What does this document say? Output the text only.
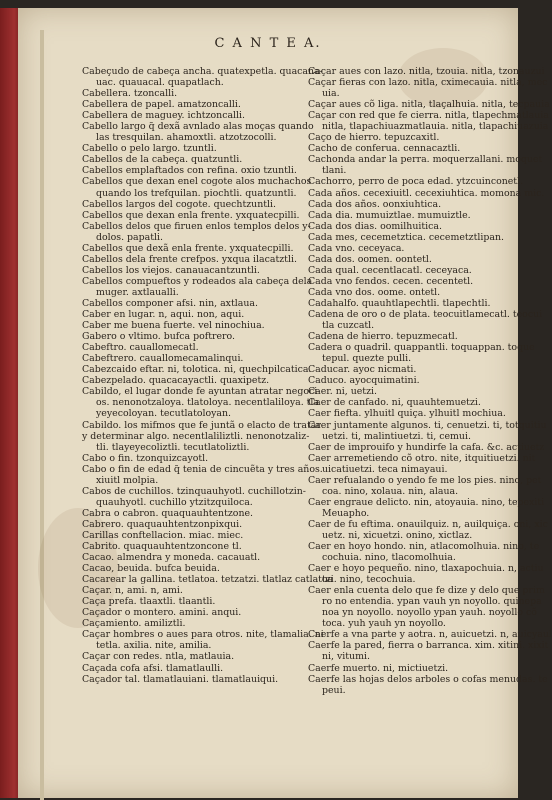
C A N T E A.
Cabeçudo de cabeça ancha. quatexpetla. quacana-
uac. quauacal. quapatlach.
Cabellera. tzoncalli.
Cabellera de papel. amatzoncalli.
Cabellera de maguey. ichtzoncalli.
Cabello largo q̃ dexã avnlado alas moças quando
las tresquilan. ahamoxtli. atzotzocolli.
Cabello o pelo largo. tzuntli.
Cabellos de la cabeça. quatzuntli.
Cabellos emplaftados con refina. oxio tzuntli.
Cabellos que dexan enel cogote alos muchachos
quando los trefquilan. piochtli. quatzuntli.
Cabellos largos del cogote. quechtzuntli.
Cabellos que dexan enla frente. yxquatecpilli.
Cabellos delos que firuen enlos templos delos y-
dolos. papatli.
Cabellos que dexã enla frente. yxquatecpilli.
Cabellos dela frente crefpos. yxqua ilacatztli.
Cabellos los viejos. canauacantzuntli.
Cabellos compueftos y rodeados ala cabeça dela
muger. axtlaualli.
Cabellos componer afsi. nin, axtlaua.
Caber en lugar. n, aqui. non, aqui.
Caber me buena fuerte. vel ninochiua.
Gabero o vltimo. bufca poftrero.
Cabeftro. cauallomecatl.
Cabeftrero. cauallomecamalinqui.
Cabezcaido eftar. ni, tolotica. ni, quechpilcatica.
Cabezpelado. quacacayactli. quaxipetz.
Cabildo, el lugar donde fe ayuntan atratar negoci-
os. nenonotzaloya. tlatoloya. necentlaliloya. tla
yeyecoloyan. tecutlatoloyan.
Cabildo. los mifmos que fe juntã o elacto de tratar
y determinar algo. necentlaliliztli. nenonotzaliz-
tli. tlayeyecoliztli. tecutlatoliztli.
Cabo o fin. tzonquizcayotl.
Cabo o fin de edad q̃ tenia de cincuẽta y tres años.
xiuitl molpia.
Cabos de cuchillos. tzinquauhyotl. cuchillotzin-
quauhyotl. cuchillo ytzitzquiloca.
Cabra o cabron. quaquauhtentzone.
Cabrero. quaquauhtentzonpixqui.
Carillas conftellacion. miac. miec.
Cabrito. quaquauhtentzoncone tl.
Cacao. almendra y moneda. cacauatl.
Cacao, beuida. bufca beuida.
Cacarear la gallina. tetlatoa. tetzatzi. tlatlaz catlatoa
Caçar. n, ami. n, ami.
Caça prefa. tlaaxtli. tlaantli.
Caçador o montero. amini. anqui.
Caçamiento. amiliztli.
Caçar hombres o aues para otros. nite, tlamalia. ni
tetla. axilia. nite, amilia.
Caçar con redes. ntla, matlauia.
Caçada cofa afsi. tlamatlaulli.
Caçador tal. tlamatlauiani. tlamatlauiqui.
Caçar aues con lazo. nitla, tzouia. nitla, tzonauzui
Caçar fieras con lazo. nitla, cximecauia. nitla, mec
uia.
Caçar aues cõ liga. nitla, tlaçalhuia. nitla, tecpauia
Caçar con red que fe cierra. nitla, tlapechmatlauia
nitla, tlapachiuazmatlauia. nitla, tlapachiuazuia
Caço de hierro. tepuzcaxitl.
Cacho de conferua. cennacaztli.
Cachonda andar la perra. moquerzallani. moquet
tlani.
Cachorro, perro de poca edad. ytzcuinconetl.
Cada años. cecexiuitl. cecexiuhtica. momona mic.
Cada dos años. oonxiuhtica.
Cada dia. mumuiztlae. mumuiztle.
Cada dos dias. oomilhuitica.
Cada mes, cecemetztica. cecemetztlipan.
Cada vno. ceceyaca.
Cada dos. oomen. oontetl.
Cada qual. cecentlacatl. ceceyaca.
Cada vno fendos. cecen. cecentetl.
Cada vno dos. oome. ontetl.
Cadahalfo. quauhtlapechtli. tlapechtli.
Cadena de oro o de plata. teocuitlamecatl. teocui
tla cuzcatl.
Cadena de hierro. tepuzmecatl.
Cadera o quadril. quappantli. toquappan. toque
tepul. quezte pulli.
Caducar. ayoc nicmati.
Caduco. ayocquimatini.
Caer. ni, uetzi.
Caer de canfado. ni, quauhtemuetzi.
Caer fiefta. ylhuitl quiça. ylhuitl mochiua.
Caer juntamente algunos. ti, cenuetzi. ti, totquitiu
uetzi. ti, malintiuetzi. ti, cemui.
Caer de improuifo y hundirfe la cafa. &c. actiuetz
Caer arremetiendo cõ otro. nite, itquitiuetzi. nit
uicatiuetzi. teca nimayaui.
Caer refualando o yendo fe me los pies. nino, pet
coa. nino, xolaua. nin, alaua.
Caer engraue delicto. nin, atoyauia. nino, tepexiti
Meuapho.
Caer de fu eftima. onauilquiz. n, auilquiça. oni, xic
uetz. ni, xicuetzi. onino, xictlaz.
Caer en hoyo hondo. nin, atlacomolhuia. nino, te
cochuia. nino, tlacomolhuia.
Caer e hoyo pequeño. nino, tlaxapochuia. n, actiu
tzi. nino, tecochuia.
Caer enla cuenta delo que fe dize y delo que prim
ro no entendia. ypan vauh yn noyollo. quinepa
noa yn noyollo. noyollo ypan yauh. noyollo cõ
toca. yuh yauh yn noyollo.
Caerfe a vna parte y aotra. n, auicuetzi. n, auicyaul
Caerfe la pared, fierra o barranca. xim. xitini. xixit
ni, vitumi.
Caerfe muerto. ni, mictiuetzi.
Caerfe las hojas delos arboles o cofas menudas. te
peui.
